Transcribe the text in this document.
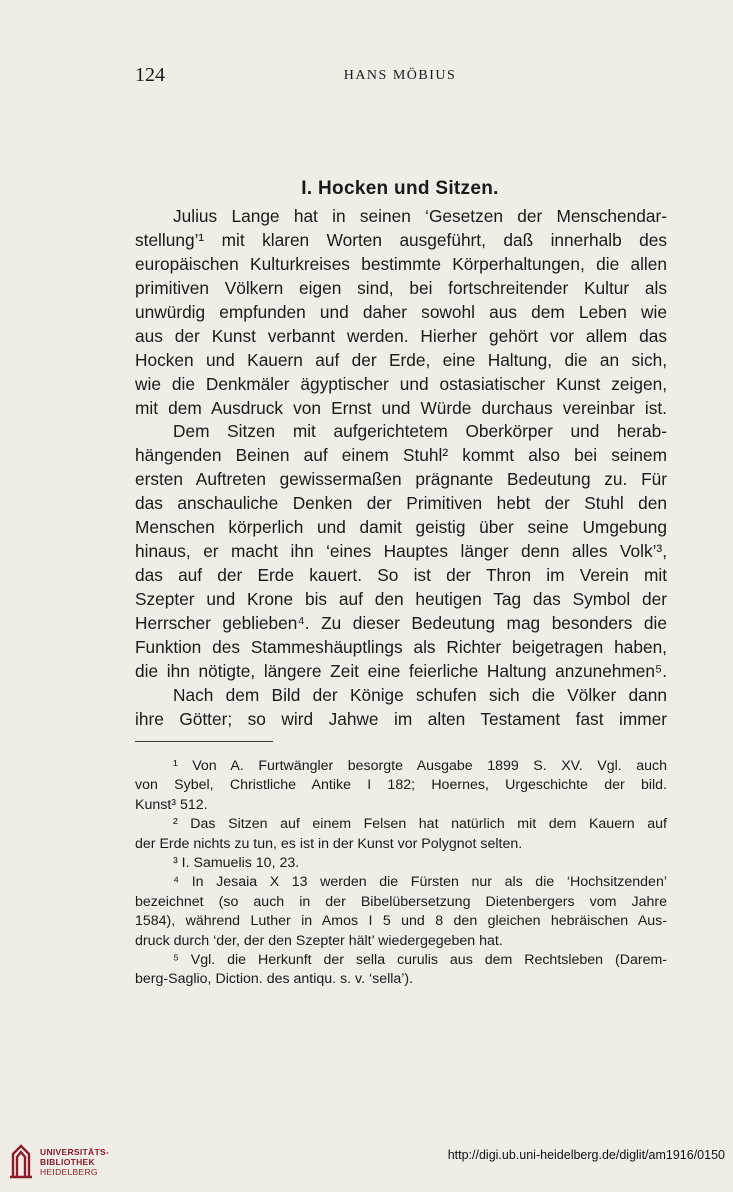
124	HANS MÖBIUS
I. Hocken und Sitzen.
Julius Lange hat in seinen ‘Gesetzen der Menschendar-
stellung’¹ mit klaren Worten ausgeführt, daß innerhalb des
europäischen Kulturkreises bestimmte Körperhaltungen, die allen
primitiven Völkern eigen sind, bei fortschreitender Kultur als
unwürdig empfunden und daher sowohl aus dem Leben wie
aus der Kunst verbannt werden. Hierher gehört vor allem das
Hocken und Kauern auf der Erde, eine Haltung, die an sich,
wie die Denkmäler ägyptischer und ostasiatischer Kunst zeigen,
mit dem Ausdruck von Ernst und Würde durchaus vereinbar ist.
Dem Sitzen mit aufgerichtetem Oberkörper und herab-
hängenden Beinen auf einem Stuhl² kommt also bei seinem
ersten Auftreten gewissermaßen prägnante Bedeutung zu. Für
das anschauliche Denken der Primitiven hebt der Stuhl den
Menschen körperlich und damit geistig über seine Umgebung
hinaus, er macht ihn ‘eines Hauptes länger denn alles Volk’³,
das auf der Erde kauert. So ist der Thron im Verein mit
Szepter und Krone bis auf den heutigen Tag das Symbol der
Herrscher geblieben⁴. Zu dieser Bedeutung mag besonders die
Funktion des Stammeshäuptlings als Richter beigetragen haben,
die ihn nötigte, längere Zeit eine feierliche Haltung anzunehmen⁵.
Nach dem Bild der Könige schufen sich die Völker dann
ihre Götter; so wird Jahwe im alten Testament fast immer
¹ Von A. Furtwängler besorgte Ausgabe 1899 S. XV. Vgl. auch
von Sybel, Christliche Antike I 182; Hoernes, Urgeschichte der bild.
Kunst³ 512.
² Das Sitzen auf einem Felsen hat natürlich mit dem Kauern auf
der Erde nichts zu tun, es ist in der Kunst vor Polygnot selten.
³ I. Samuelis 10, 23.
⁴ In Jesaia X 13 werden die Fürsten nur als die ‘Hochsitzenden’
bezeichnet (so auch in der Bibelübersetzung Dietenbergers vom Jahre
1584), während Luther in Amos I 5 und 8 den gleichen hebräischen Aus-
druck durch ‘der, der den Szepter hält’ wiedergegeben hat.
⁵ Vgl. die Herkunft der sella curulis aus dem Rechtsleben (Darem-
berg-Saglio, Diction. des antiqu. s. v. ‘sella’).
UNIVERSITÄTS-
BIBLIOTHEK
HEIDELBERG
http://digi.ub.uni-heidelberg.de/diglit/am1916/0150
